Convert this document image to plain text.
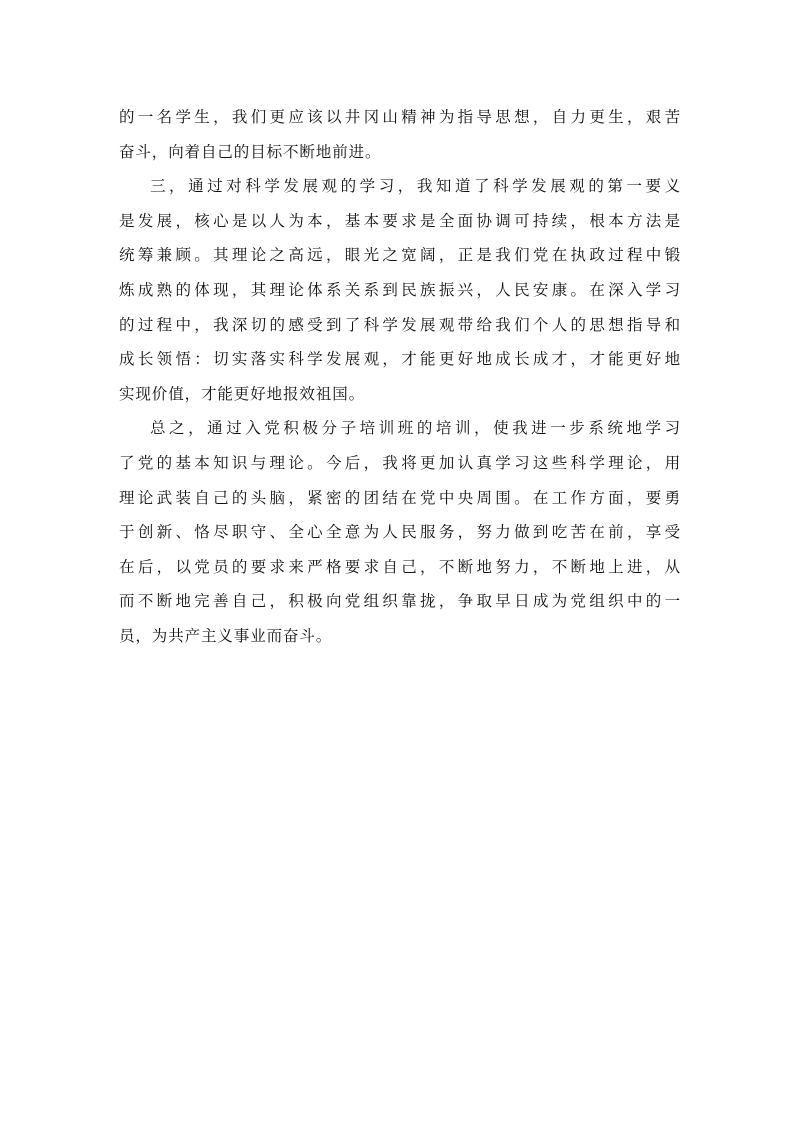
的一名学生，我们更应该以井冈山精神为指导思想，自力更生，艰苦
奋斗，向着自己的目标不断地前进。

三，通过对科学发展观的学习，我知道了科学发展观的第一要义
是发展，核心是以人为本，基本要求是全面协调可持续，根本方法是
统筹兼顾。其理论之高远，眼光之宽阔，正是我们党在执政过程中锻
炼成熟的体现，其理论体系关系到民族振兴，人民安康。在深入学习
的过程中，我深切的感受到了科学发展观带给我们个人的思想指导和
成长领悟：切实落实科学发展观，才能更好地成长成才，才能更好地
实现价值，才能更好地报效祖国。

总之，通过入党积极分子培训班的培训，使我进一步系统地学习
了党的基本知识与理论。今后，我将更加认真学习这些科学理论，用
理论武装自己的头脑，紧密的团结在党中央周围。在工作方面，要勇
于创新、恪尽职守、全心全意为人民服务，努力做到吃苦在前，享受
在后，以党员的要求来严格要求自己，不断地努力，不断地上进，从
而不断地完善自己，积极向党组织靠拢，争取早日成为党组织中的一
员，为共产主义事业而奋斗。
